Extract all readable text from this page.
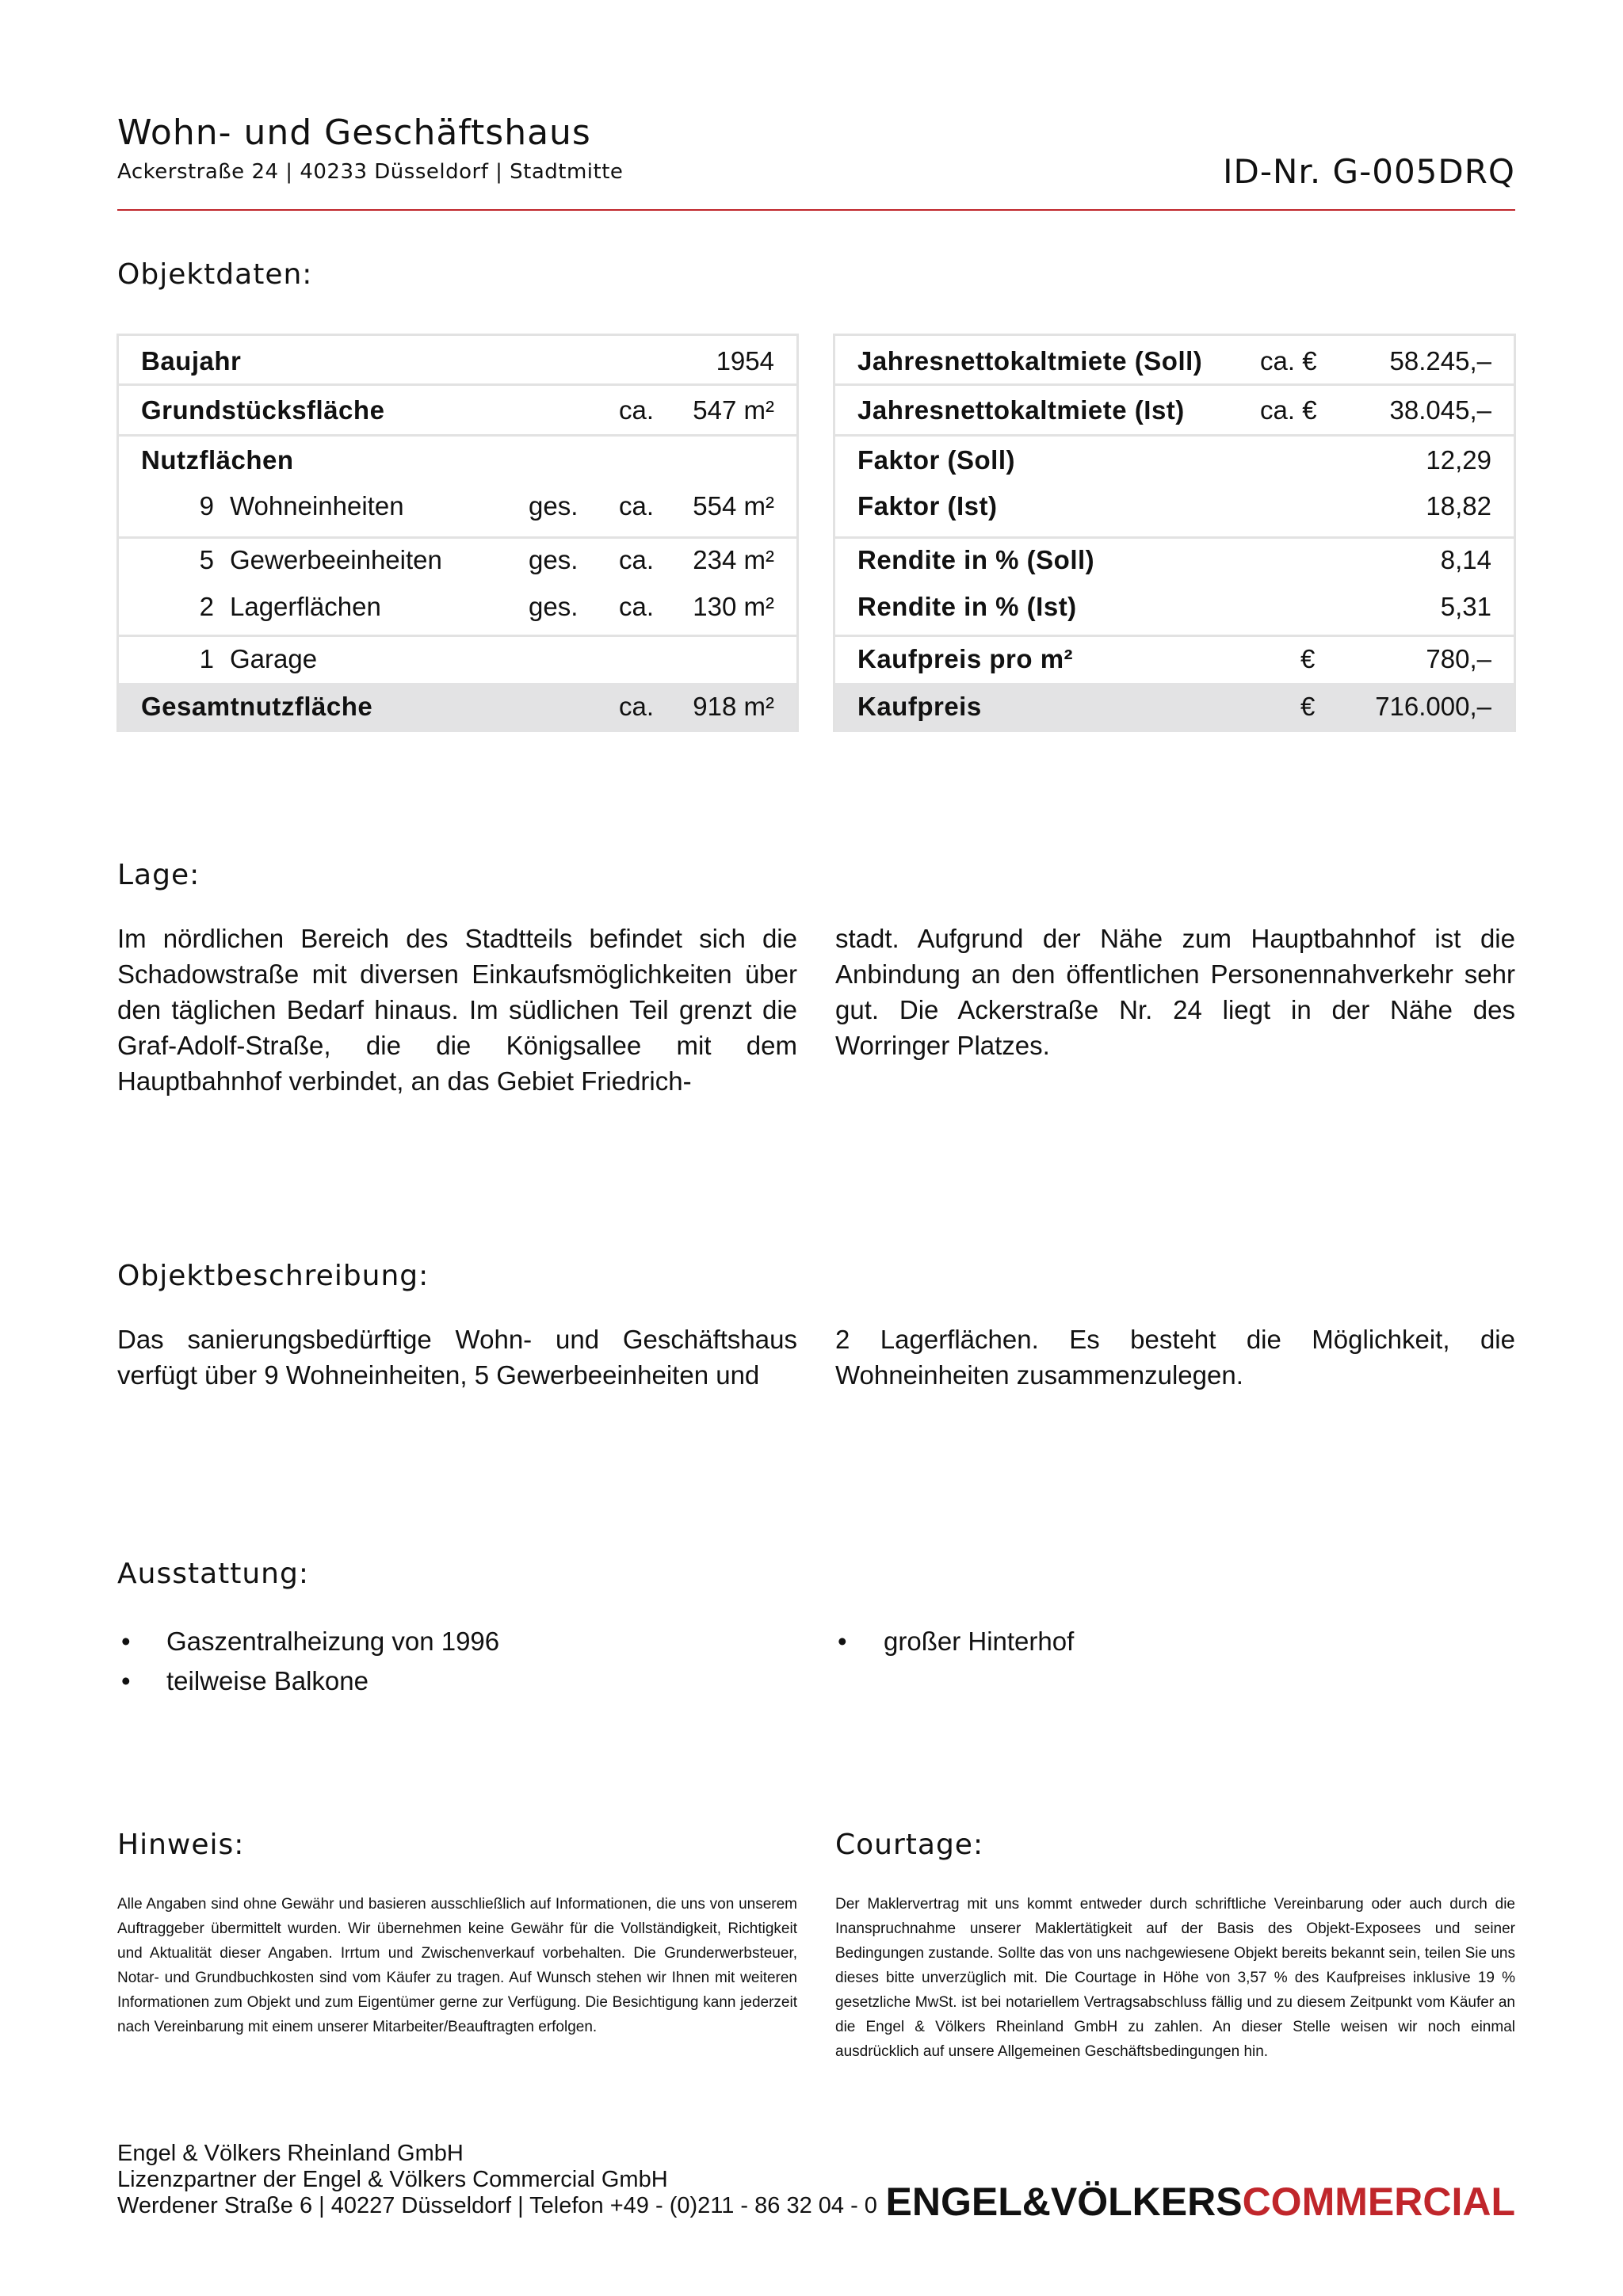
Wohn- und Geschäftshaus
Ackerstraße 24 | 40233 Düsseldorf | Stadtmitte	ID-Nr. G-005DRQ
Objektdaten:
Baujahr	1954
Grundstücksfläche	ca. 547 m²
Nutzflächen
9 Wohneinheiten	ges. ca. 554 m²
5 Gewerbeeinheiten	ges. ca. 234 m²
2 Lagerflächen	ges. ca. 130 m²
1 Garage
Gesamtnutzfläche	ca. 918 m²
Jahresnettokaltmiete (Soll) ca. €	58.245,–
Jahresnettokaltmiete (Ist)	ca. €	38.045,–
Faktor (Soll)	12,29
Faktor (Ist)	18,82
Rendite in % (Soll)	8,14
Rendite in % (Ist)	5,31
Kaufpreis pro m²	€	780,–
Kaufpreis	€ 716.000,–
Lage:
Im nördlichen Bereich des Stadtteils befindet sich die Schadowstraße mit diversen Einkaufsmöglichkeiten über den täglichen Bedarf hinaus. Im südlichen Teil grenzt die Graf-Adolf-Straße, die die Königsallee mit dem Hauptbahnhof verbindet, an das Gebiet Friedrich-
stadt. Aufgrund der Nähe zum Hauptbahnhof ist die Anbindung an den öffentlichen Personennahverkehr sehr gut. Die Ackerstraße Nr. 24 liegt in der Nähe des Worringer Platzes.
Objektbeschreibung:
Das sanierungsbedürftige Wohn- und Geschäftshaus verfügt über 9 Wohneinheiten, 5 Gewerbeeinheiten und
2 Lagerflächen. Es besteht die Möglichkeit, die Wohneinheiten zusammenzulegen.
Ausstattung:
• Gaszentralheizung von 1996
• teilweise Balkone
• großer Hinterhof
Hinweis:
Alle Angaben sind ohne Gewähr und basieren ausschließlich auf Informationen, die uns von unserem Auftraggeber übermittelt wurden. Wir übernehmen keine Gewähr für die Vollständigkeit, Richtigkeit und Aktualität dieser Angaben. Irrtum und Zwischenverkauf vorbehalten. Die Grunderwerbsteuer, Notar- und Grundbuchkosten sind vom Käufer zu tragen. Auf Wunsch stehen wir Ihnen mit weiteren Informationen zum Objekt und zum Eigentümer gerne zur Verfügung. Die Besichtigung kann jederzeit nach Vereinbarung mit einem unserer Mitarbeiter/Beauftragten erfolgen.
Courtage:
Der Maklervertrag mit uns kommt entweder durch schriftliche Vereinbarung oder auch durch die Inanspruchnahme unserer Maklertätigkeit auf der Basis des Objekt-Exposees und seiner Bedingungen zustande. Sollte das von uns nachgewiesene Objekt bereits bekannt sein, teilen Sie uns dieses bitte unverzüglich mit. Die Courtage in Höhe von 3,57 % des Kaufpreises inklusive 19 % gesetzliche MwSt. ist bei notariellem Vertragsabschluss fällig und zu diesem Zeitpunkt vom Käufer an die Engel & Völkers Rheinland GmbH zu zahlen. An dieser Stelle weisen wir noch einmal ausdrücklich auf unsere Allgemeinen Geschäftsbedingungen hin.
Engel & Völkers Rheinland GmbH
Lizenzpartner der Engel & Völkers Commercial GmbH
Werdener Straße 6 | 40227 Düsseldorf | Telefon +49 - (0)211 - 86 32 04 - 0 ENGEL&VÖLKERSCOMMERCIAL
